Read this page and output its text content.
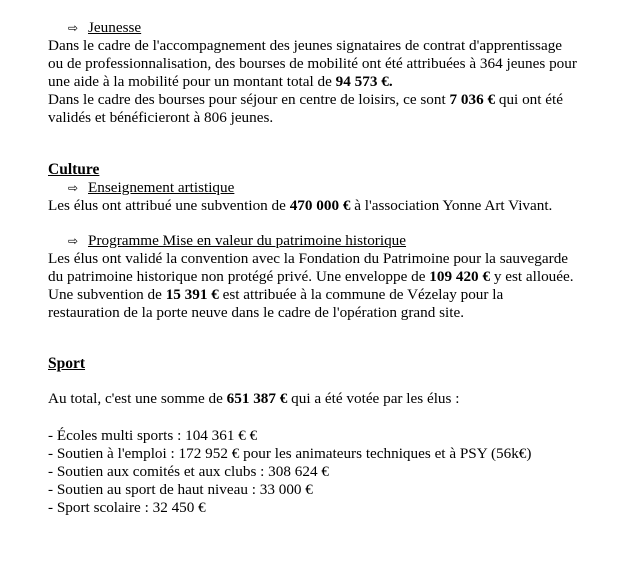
⇨ Jeunesse
Dans le cadre de l'accompagnement des jeunes signataires de contrat d'apprentissage
ou de professionnalisation, des bourses de mobilité ont été attribuées à 364 jeunes pour
une aide à la mobilité pour un montant total de 94 573 €.
Dans le cadre des bourses pour séjour en centre de loisirs, ce sont 7 036 € qui ont été
validés et bénéficieront à 806 jeunes.
Culture
⇨ Enseignement artistique
Les élus ont attribué une subvention de 470 000 € à l'association Yonne Art Vivant.
⇨ Programme Mise en valeur du patrimoine historique
Les élus ont validé la convention avec la Fondation du Patrimoine pour la sauvegarde
du patrimoine historique non protégé privé. Une enveloppe de 109 420 € y est allouée.
Une subvention de 15 391 € est attribuée à la commune de Vézelay pour la
restauration de la porte neuve dans le cadre de l'opération grand site.
Sport
Au total, c'est une somme de 651 387 € qui a été votée par les élus :
- Écoles multi sports : 104 361 € €
- Soutien à l'emploi : 172 952 € pour les animateurs techniques et à PSY (56k€)
- Soutien aux comités et aux clubs : 308 624 €
- Soutien au sport de haut niveau : 33 000 €
- Sport scolaire : 32 450 €
